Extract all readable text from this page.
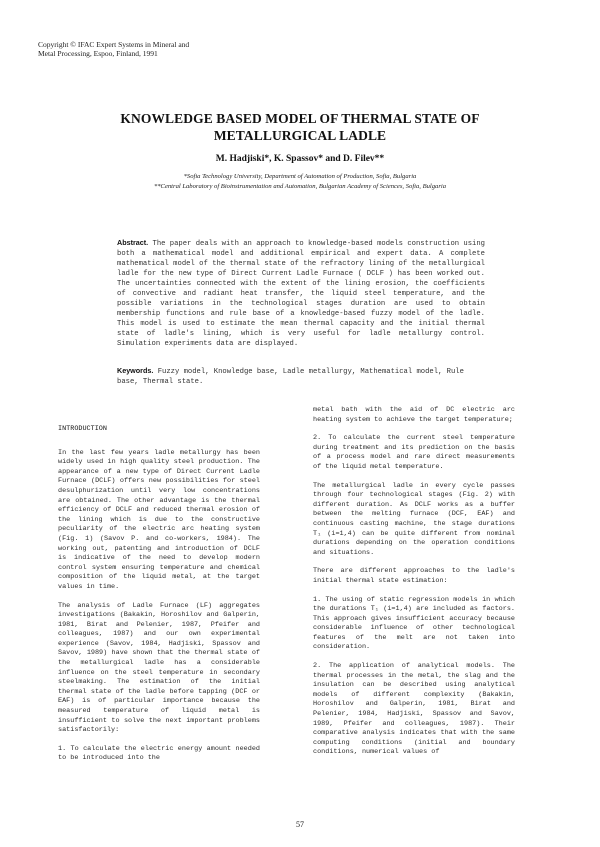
Copyright © IFAC Expert Systems in Mineral and
Metal Processing, Espoo, Finland, 1991
KNOWLEDGE BASED MODEL OF THERMAL STATE OF
METALLURGICAL LADLE
M. Hadjiski*, K. Spassov* and D. Filev**
*Sofia Technology University, Department of Automation of Production, Sofia, Bulgaria
**Central Laboratory of Bioinstrumentation and Automation, Bulgarian Academy of Sciences, Sofia, Bulgaria
Abstract. The paper deals with an approach to knowledge-based models construction using both a mathematical model and additional empirical and expert data. A complete mathematical model of the thermal state of the refractory lining of the metallurgical ladle for the new type of Direct Current Ladle Furnace ( DCLF ) has been worked out. The uncertainties connected with the extent of the lining erosion, the coefficients of convective and radiant heat transfer, the liquid steel temperature, and the possible variations in the technological stages duration are used to obtain membership functions and rule base of a knowledge-based fuzzy model of the ladle. This model is used to estimate the mean thermal capacity and the initial thermal state of ladle's lining, which is very useful for ladle metallurgy control. Simulation experiments data are displayed.
Keywords. Fuzzy model, Knowledge base, Ladle metallurgy, Mathematical model, Rule base, Thermal state.

INTRODUCTION

In the last few years ladle metallurgy has been widely used in high quality steel production. The appearance of a new type of Direct Current Ladle Furnace (DCLF) offers new possibilities for steel desulphurization until very low concentrations are obtained. The other advantage is the thermal efficiency of DCLF and reduced thermal erosion of the lining which is due to the constructive peculiarity of the electric arc heating system (Fig. 1) (Savov P. and co-workers, 1984). The working out, patenting and introduction of DCLF is indicative of the need to develop modern control system ensuring temperature and chemical composition of the liquid metal, at the target values in time.

The analysis of Ladle Furnace (LF) aggregates investigations (Bakakin, Horoshilov and Galperin, 1981, Birat and Pelenier, 1987, Pfeifer and colleagues, 1987) and our own experimental experience (Savov, 1984, Hadjiski, Spassov and Savov, 1989) have shown that the thermal state of the metallurgical ladle has a considerable influence on the steel temperature in secondary steelmaking. The estimation of the initial thermal state of the ladle before tapping (DCF or EAF) is of particular importance because the measured temperature of liquid metal is insufficient to solve the next important problems satisfactorily:

1. To calculate the electric energy amount needed to be introduced into the

metal bath with the aid of DC electric arc heating system to achieve the target temperature;

2. To calculate the current steel temperature during treatment and its prediction on the basis of a process model and rare direct measurements of the liquid metal temperature.

The metallurgical ladle in every cycle passes through four technological stages (Fig. 2) with different duration. As DCLF works as a buffer between the melting furnace (DCF, EAF) and continuous casting machine, the stage durations T₁ (i=1,4) can be quite different from nominal durations depending on the operation conditions and situations.

There are different approaches to the ladle's initial thermal state estimation:

1. The using of static regression models in which the durations T₁ (i=1,4) are included as factors. This approach gives insufficient accuracy because considerable influence of other technological features of the melt are not taken into consideration.

2. The application of analytical models. The thermal processes in the metal, the slag and the insulation can be described using analytical models of different complexity (Bakakin, Horoshilov and Galperin, 1981, Birat and Pelenier, 1984, Hadjiski, Spassov and Savov, 1989, Pfeifer and colleagues, 1987). Their comparative analysis indicates that with the same computing conditions (initial and boundary conditions, numerical values of

57
